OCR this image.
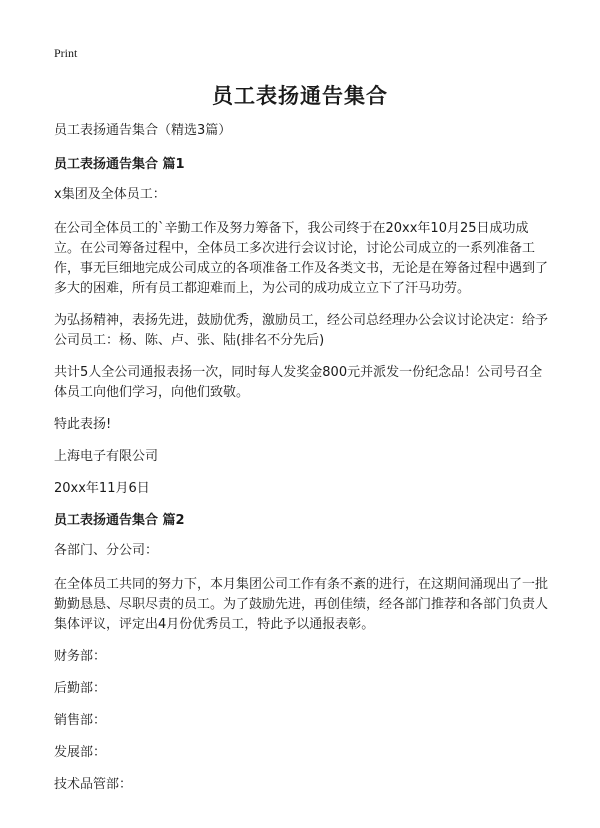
Print
员工表扬通告集合

员工表扬通告集合（精选3篇）

员工表扬通告集合 篇1

x集团及全体员工：

在公司全体员工的`辛勤工作及努力筹备下，我公司终于在20xx年10月25日成功成立。在公司筹备过程中，全体员工多次进行会议讨论，讨论公司成立的一系列准备工作，事无巨细地完成公司成立的各项准备工作及各类文书，无论是在筹备过程中遇到了多大的困难，所有员工都迎难而上，为公司的成功成立立下了汗马功劳。

为弘扬精神，表扬先进，鼓励优秀，激励员工，经公司总经理办公会议讨论决定：给予公司员工：杨、陈、卢、张、陆(排名不分先后)

共计5人全公司通报表扬一次，同时每人发奖金800元并派发一份纪念品！公司号召全体员工向他们学习，向他们致敬。

特此表扬!

上海电子有限公司

20xx年11月6日

员工表扬通告集合 篇2

各部门、分公司：

在全体员工共同的努力下，本月集团公司工作有条不紊的进行，在这期间涌现出了一批勤勤恳恳、尽职尽责的员工。为了鼓励先进，再创佳绩，经各部门推荐和各部门负责人集体评议，评定出4月份优秀员工，特此予以通报表彰。

财务部：

后勤部：

销售部：

发展部：

技术品管部：
